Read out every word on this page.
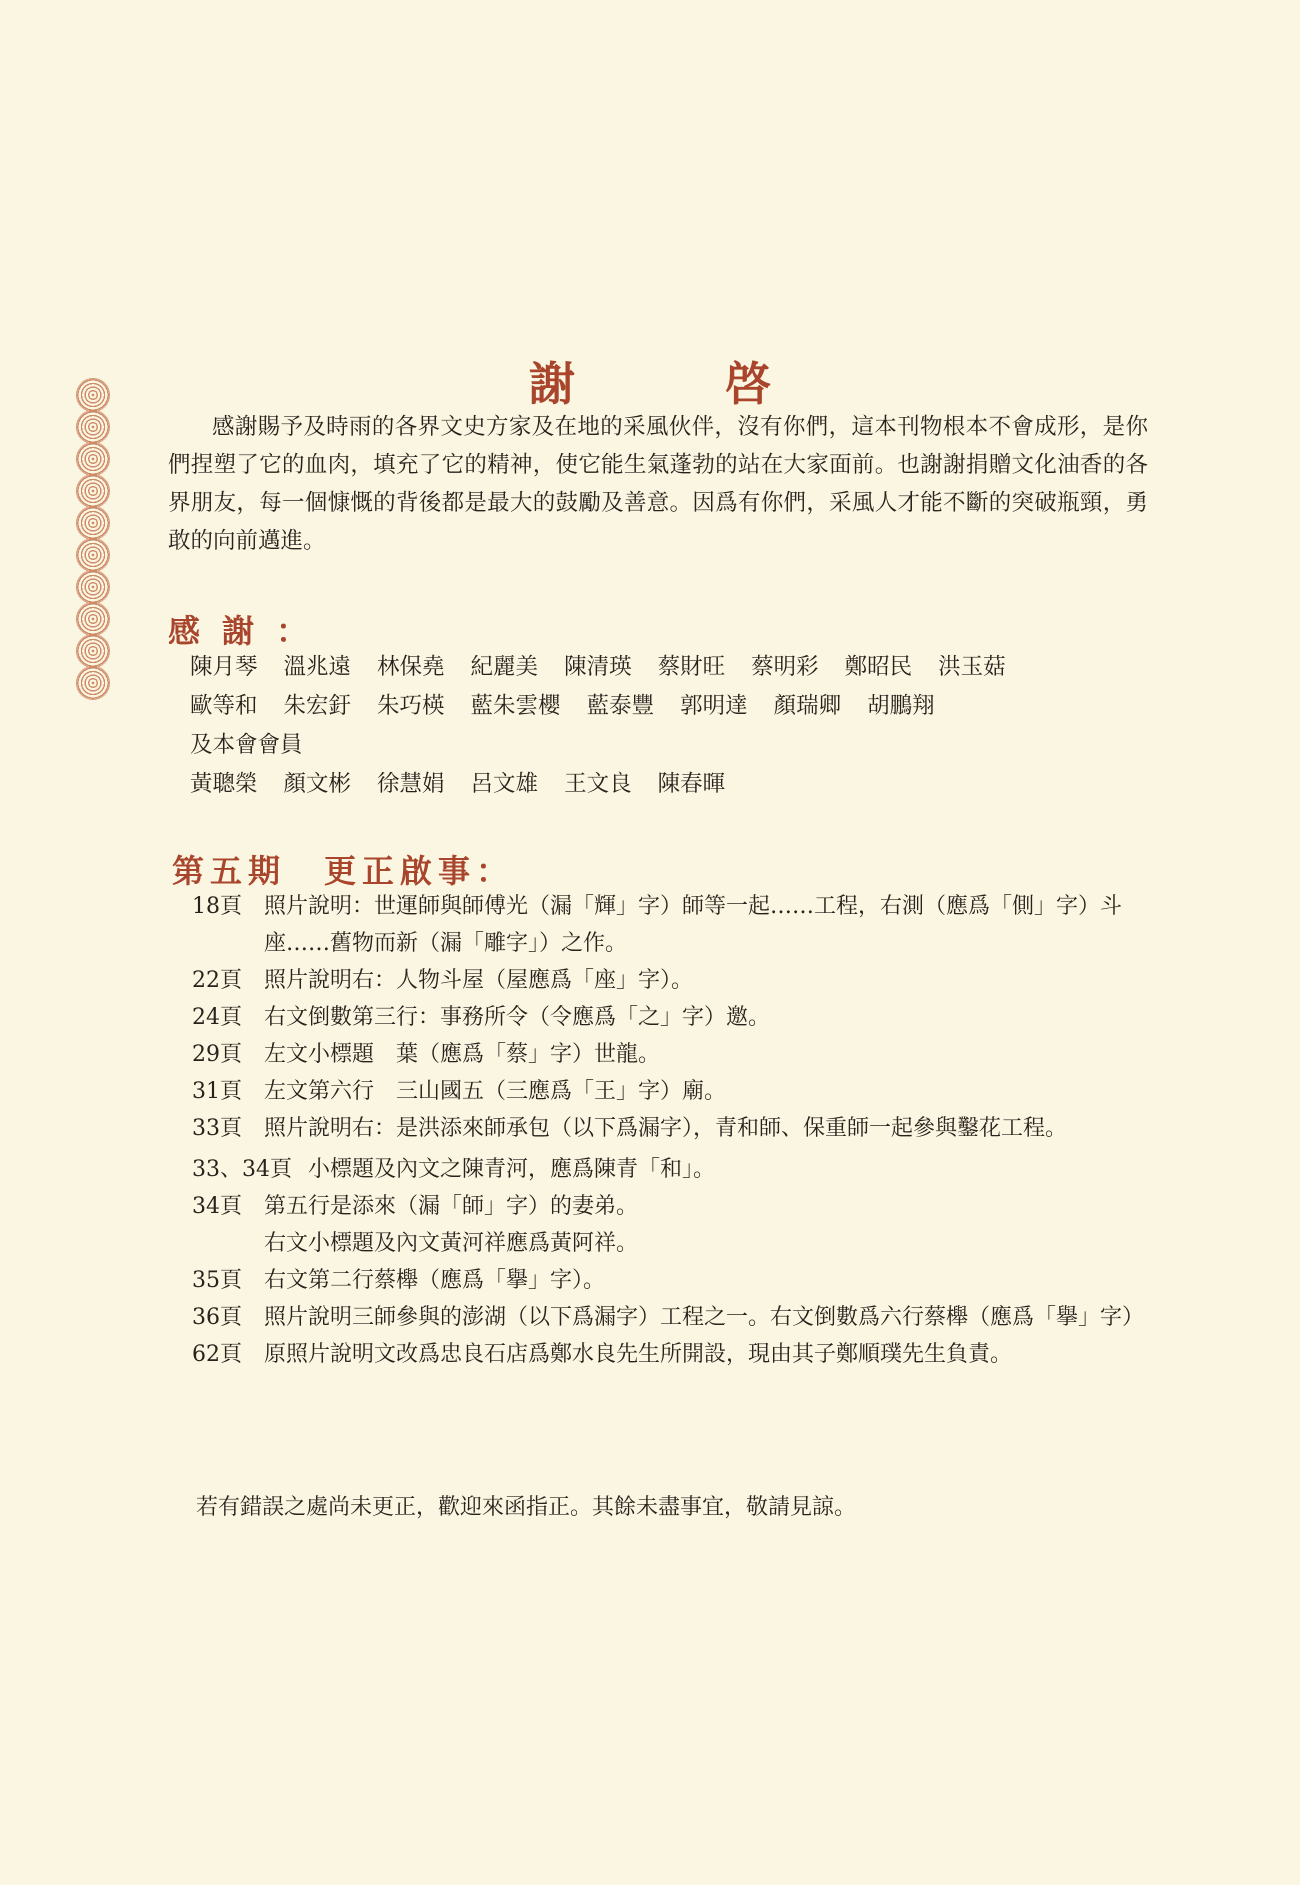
謝　啓
感謝賜予及時雨的各界文史方家及在地的采風伙伴，沒有你們，這本刊物根本不會成形，是你們捏塑了它的血肉，填充了它的精神，使它能生氣蓬勃的站在大家面前。也謝謝捐贈文化油香的各界朋友，每一個慷慨的背後都是最大的鼓勵及善意。因爲有你們，采風人才能不斷的突破瓶頸，勇敢的向前邁進。
感謝：
陳月琴 溫兆遠 林保堯 紀麗美 陳清瑛 蔡財旺 蔡明彩 鄭昭民 洪玉菇
歐等和 朱宏釪 朱巧楧 藍朱雲櫻 藍泰豐 郭明達 顏瑞卿 胡鵬翔
及本會會員
黃聰榮 顏文彬 徐慧娟 呂文雄 王文良 陳春暉
第五期　更正啟事：
18頁	照片說明：世運師與師傅光（漏「輝」字）師等一起……工程，右測（應爲「側」字）斗座……舊物而新（漏「雕字」）之作。
22頁	照片說明右：人物斗屋（屋應爲「座」字）。
24頁	右文倒數第三行：事務所令（令應爲「之」字）邀。
29頁	左文小標題　葉（應爲「蔡」字）世龍。
31頁	左文第六行　三山國五（三應爲「王」字）廟。
33頁	照片說明右：是洪添來師承包（以下爲漏字），青和師、保重師一起參與鑿花工程。
33、34頁 小標題及內文之陳青河，應爲陳青「和」。
34頁	第五行是添來（漏「師」字）的妻弟。
右文小標題及內文黃河祥應爲黃阿祥。
35頁	右文第二行蔡櫸（應爲「擧」字）。
36頁	照片說明三師參與的澎湖（以下爲漏字）工程之一。右文倒數爲六行蔡櫸（應爲「擧」字）
62頁	原照片說明文改爲忠良石店爲鄭水良先生所開設，現由其子鄭順璞先生負責。
若有錯誤之處尚未更正，歡迎來函指正。其餘未盡事宜，敬請見諒。
